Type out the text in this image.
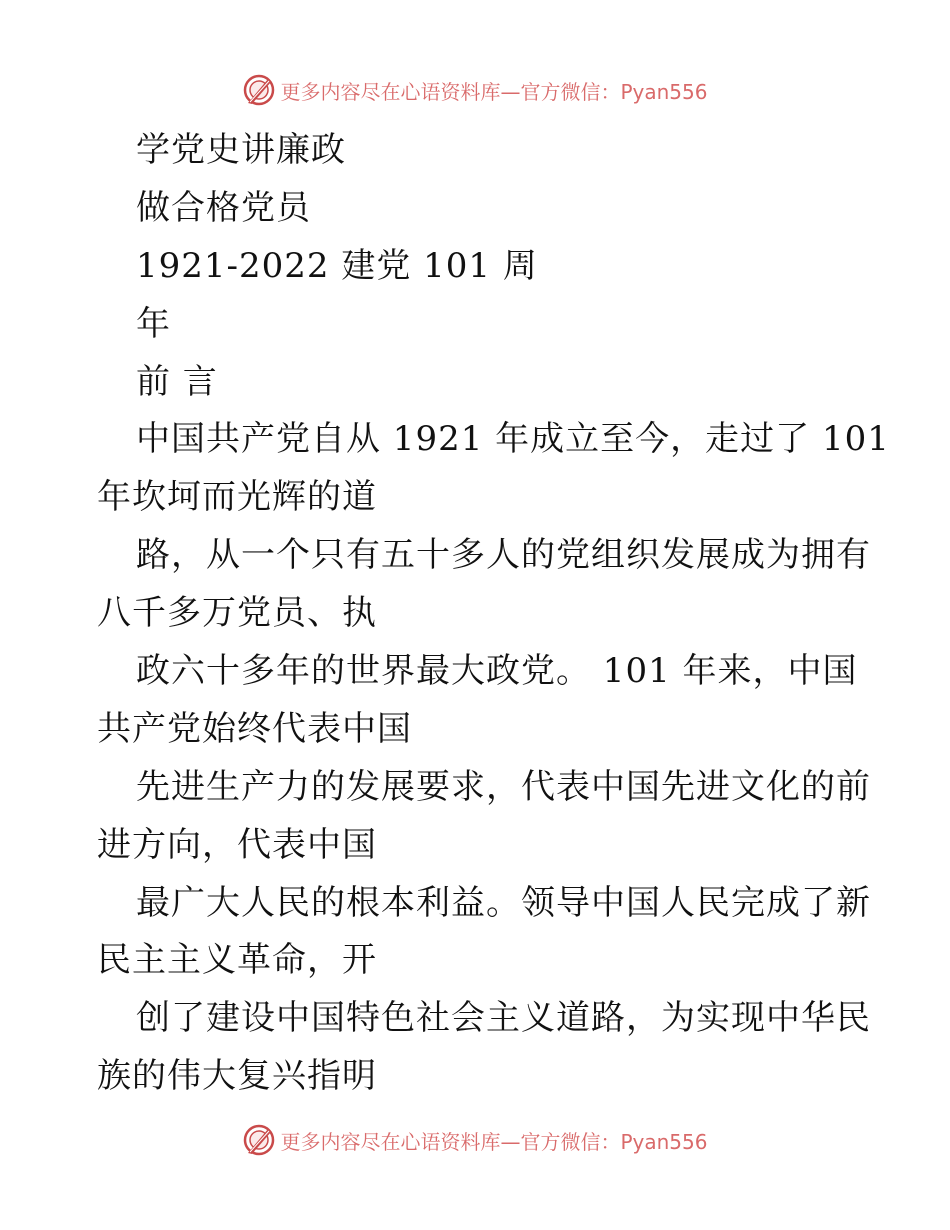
更多内容尽在心语资料库—官方微信：Pyan556
学党史讲廉政
做合格党员
1921-2022 建党 101 周
年
前 言
中国共产党自从 1921 年成立至今，走过了 101
年坎坷而光辉的道
路，从一个只有五十多人的党组织发展成为拥有
八千多万党员、执
政六十多年的世界最大政党。 101 年来，中国
共产党始终代表中国
先进生产力的发展要求，代表中国先进文化的前
进方向，代表中国
最广大人民的根本利益。领导中国人民完成了新
民主主义革命，开
创了建设中国特色社会主义道路，为实现中华民
族的伟大复兴指明
更多内容尽在心语资料库—官方微信：Pyan556
